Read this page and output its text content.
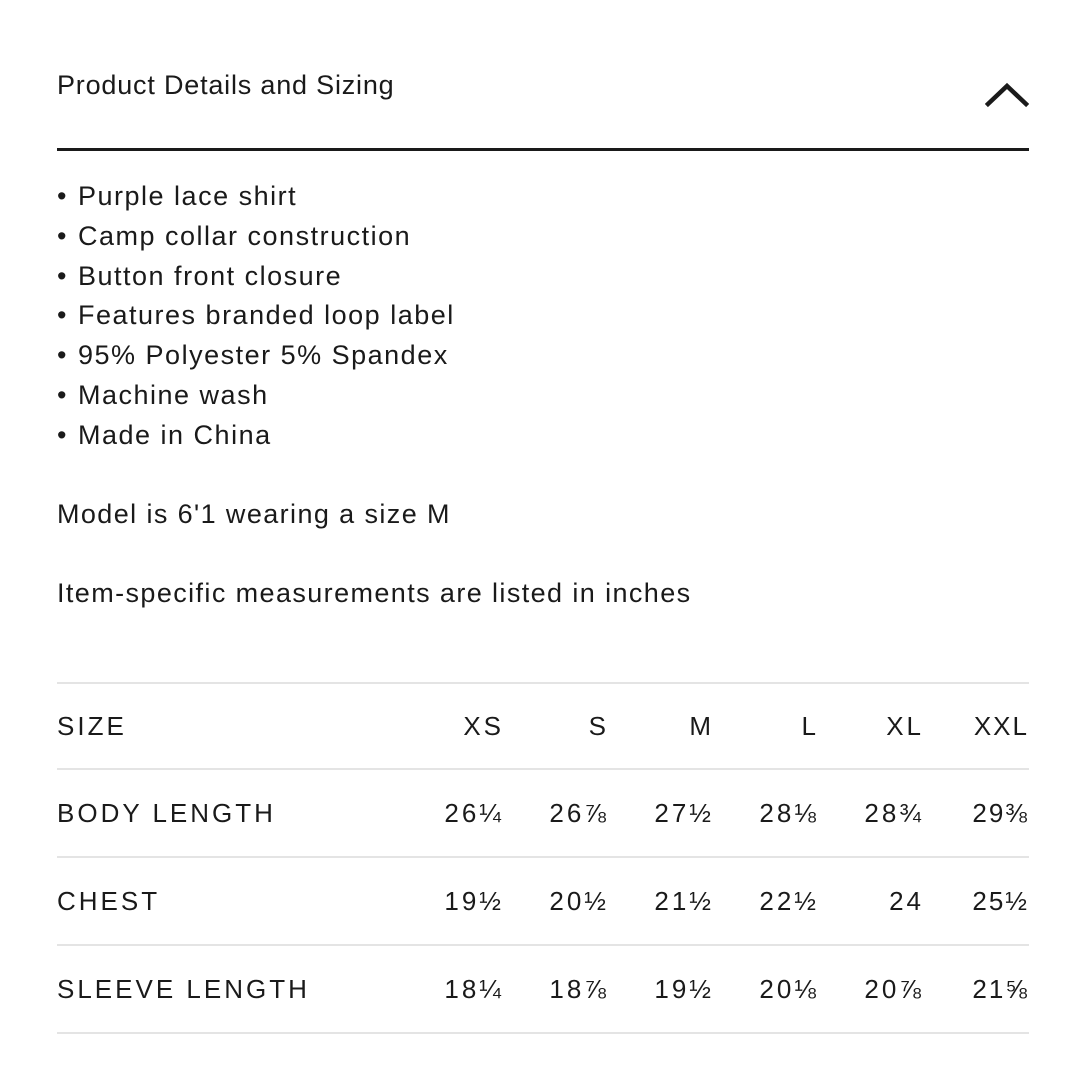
Product Details and Sizing
• Purple lace shirt
• Camp collar construction
• Button front closure
• Features branded loop label
• 95% Polyester 5% Spandex
• Machine wash
• Made in China
Model is 6'1 wearing a size M
Item-specific measurements are listed in inches
SIZE	XS	S	M	L	XL	XXL
BODY LENGTH	26¼	26⅞	27½	28⅛	28¾	29⅜
CHEST	19½	20½	21½	22½	24	25½
SLEEVE LENGTH	18¼	18⅞	19½	20⅛	20⅞	21⅝
